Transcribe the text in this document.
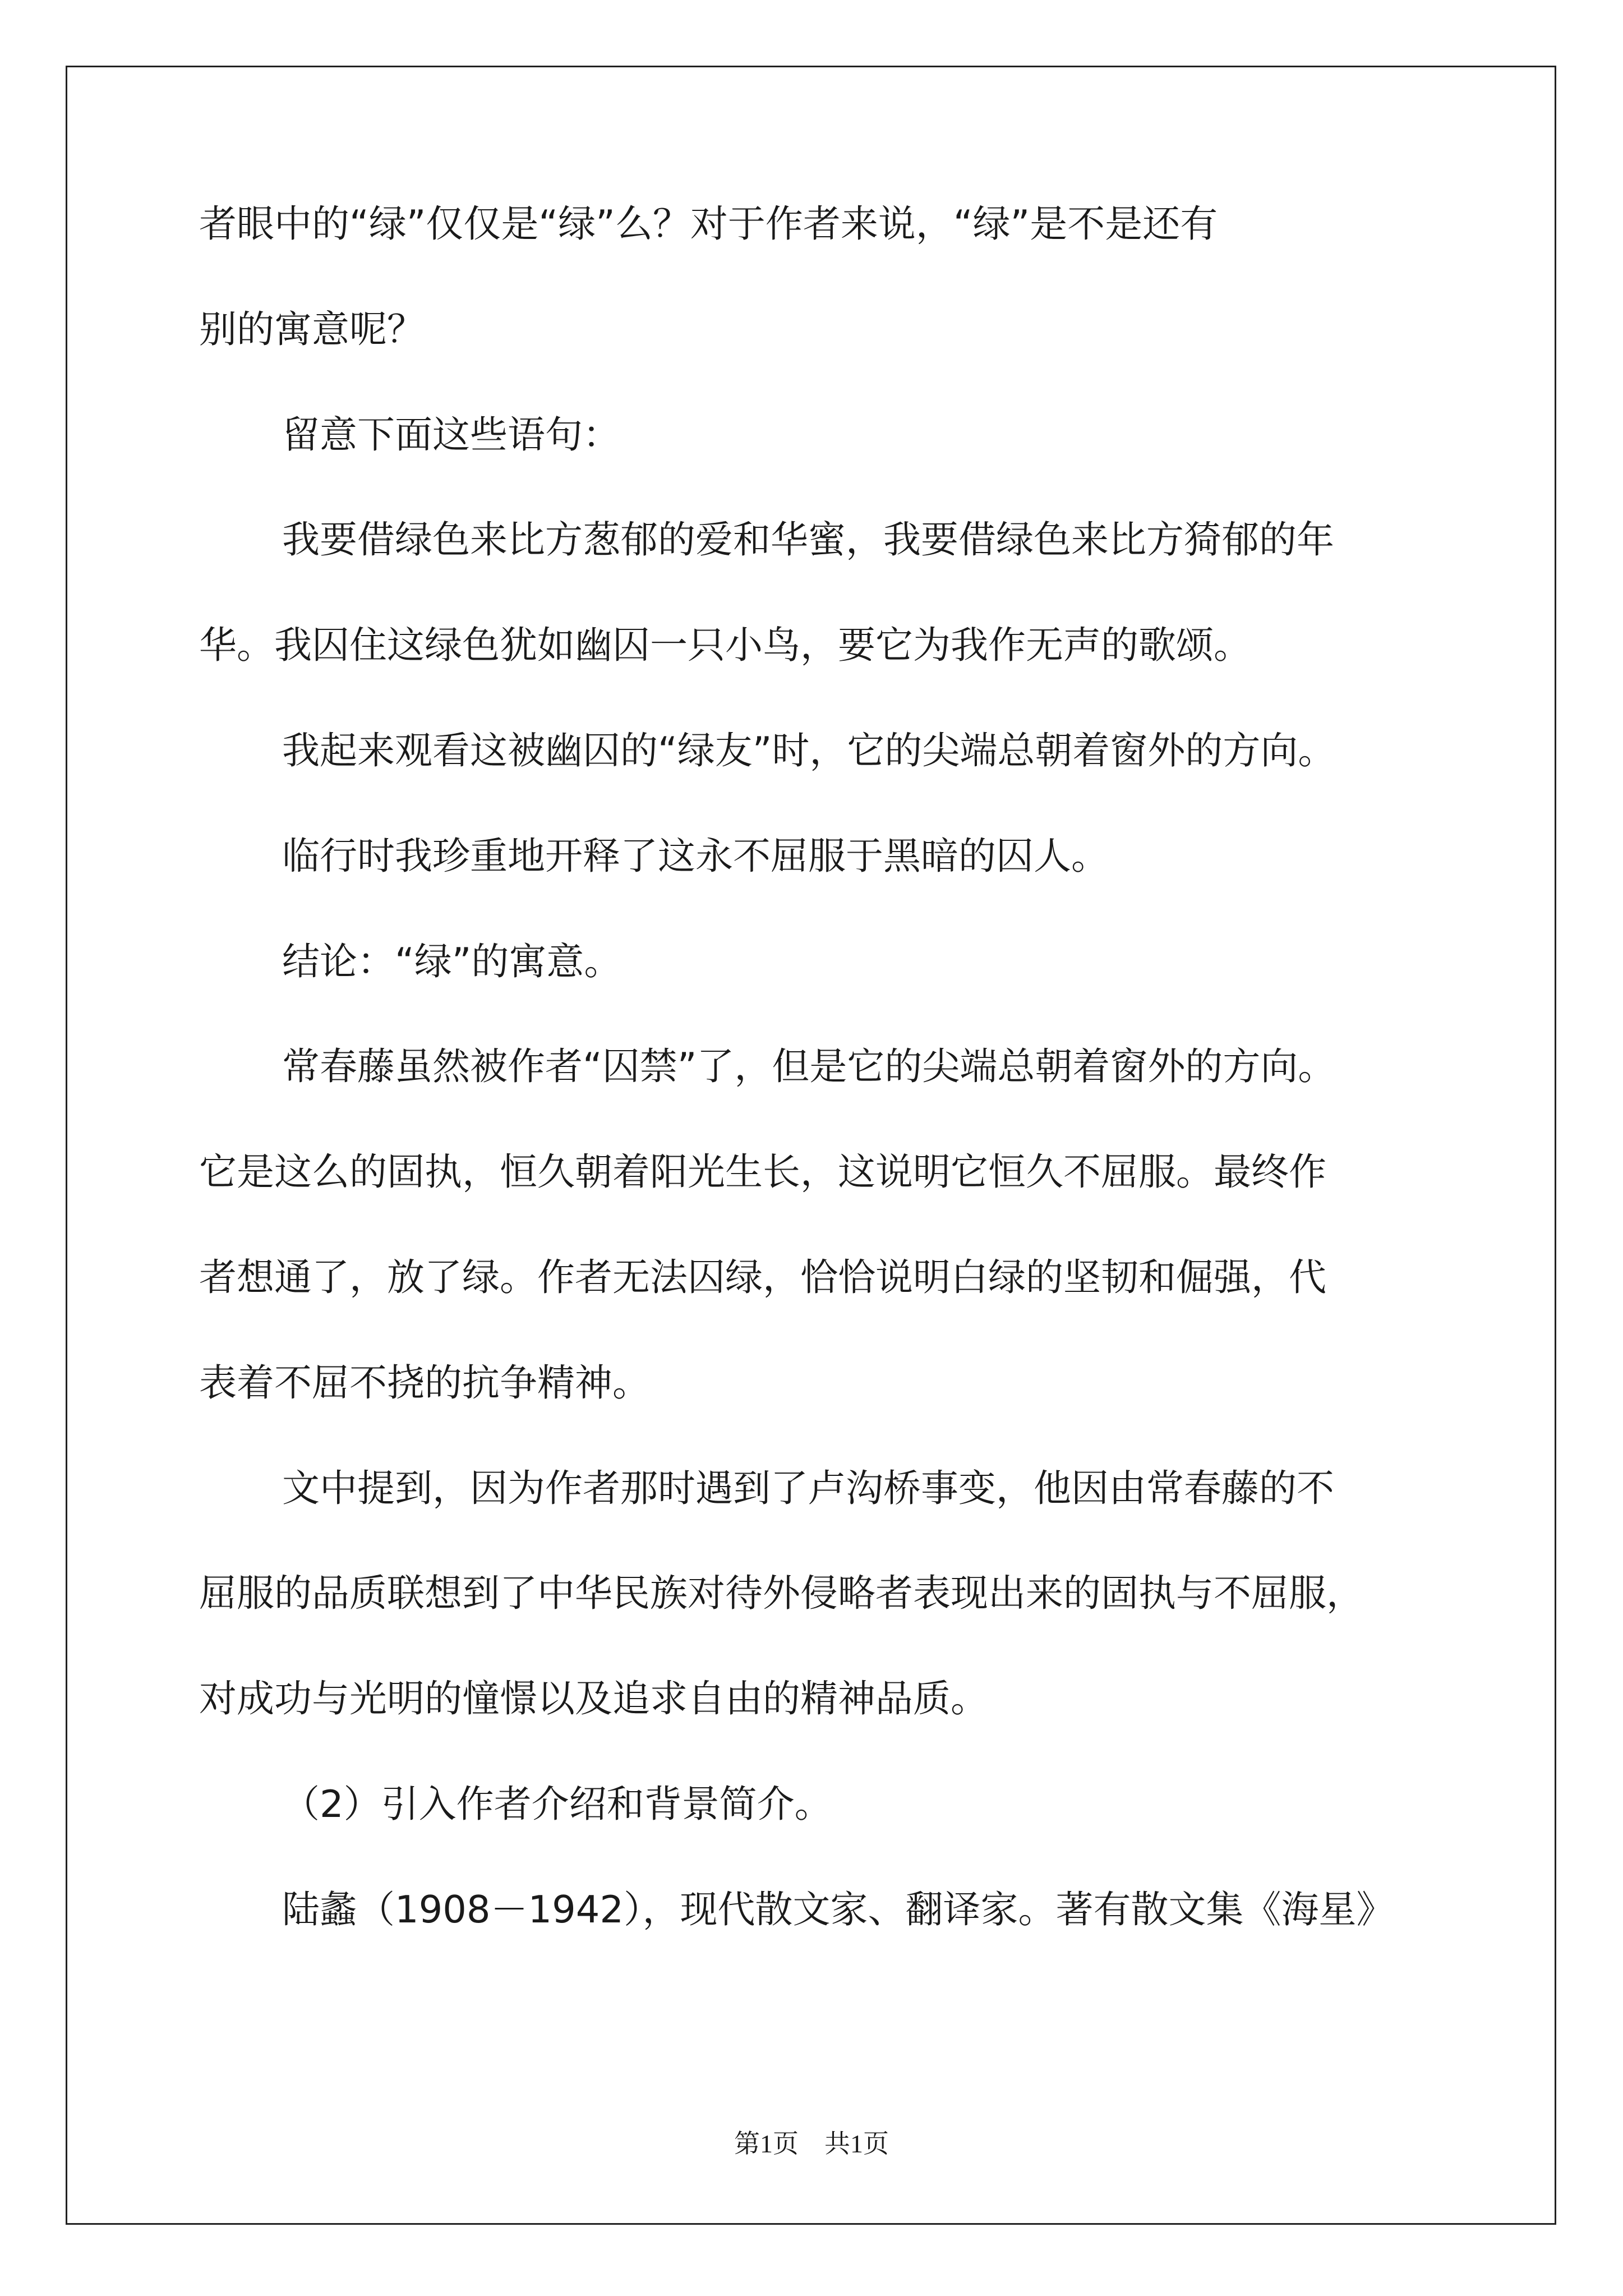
者眼中的“绿”仅仅是“绿”么？对于作者来说，“绿”是不是还有
别的寓意呢？
留意下面这些语句：
我要借绿色来比方葱郁的爱和华蜜，我要借绿色来比方猗郁的年
华。我囚住这绿色犹如幽囚一只小鸟，要它为我作无声的歌颂。
我起来观看这被幽囚的“绿友”时，它的尖端总朝着窗外的方向。
临行时我珍重地开释了这永不屈服于黑暗的囚人。
结论：“绿”的寓意。
常春藤虽然被作者“囚禁”了，但是它的尖端总朝着窗外的方向。
它是这么的固执，恒久朝着阳光生长，这说明它恒久不屈服。最终作
者想通了，放了绿。作者无法囚绿，恰恰说明白绿的坚韧和倔强，代
表着不屈不挠的抗争精神。
文中提到，因为作者那时遇到了卢沟桥事变，他因由常春藤的不
屈服的品质联想到了中华民族对待外侵略者表现出来的固执与不屈服，
对成功与光明的憧憬以及追求自由的精神品质。
（2）引入作者介绍和背景简介。
陆蠡（1908－1942），现代散文家、翻译家。著有散文集《海星》
第1页　共1页
